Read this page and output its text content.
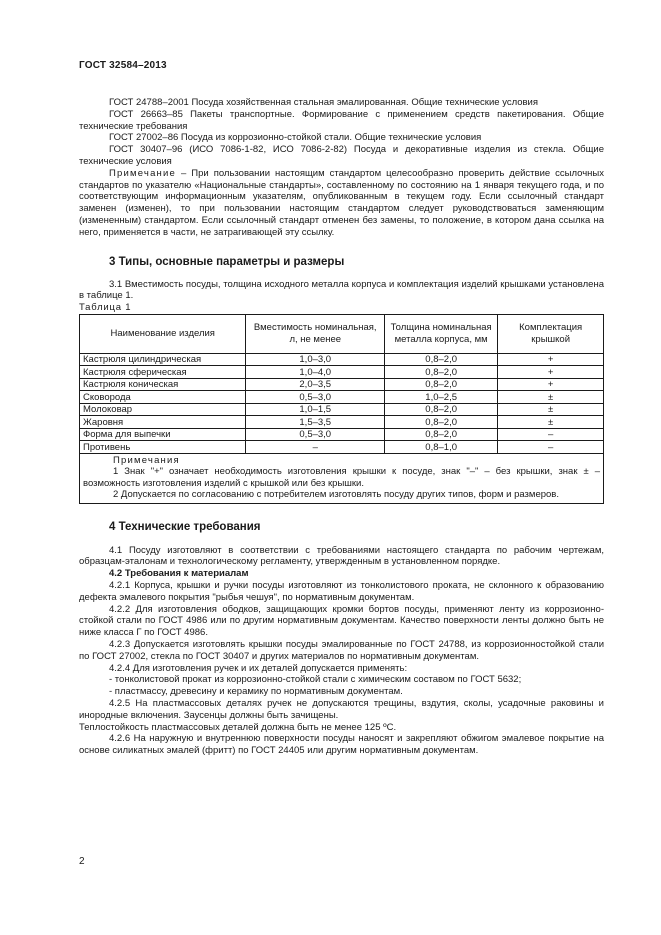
ГОСТ 32584–2013

ГОСТ 24788–2001 Посуда хозяйственная стальная эмалированная. Общие технические условия

ГОСТ 26663–85 Пакеты транспортные. Формирование с применением средств пакетирования. Общие технические требования

ГОСТ 27002–86 Посуда из коррозионно-стойкой стали. Общие технические условия

ГОСТ 30407–96 (ИСО 7086-1-82, ИСО 7086-2-82) Посуда и декоративные изделия из стекла. Общие технические условия

Примечание – При пользовании настоящим стандартом целесообразно проверить действие ссылочных стандартов по указателю «Национальные стандарты», составленному по состоянию на 1 января текущего года, и по соответствующим информационным указателям, опубликованным в текущем году. Если ссылочный стандарт заменен (изменен), то при пользовании настоящим стандартом следует руководствоваться заменяющим (измененным) стандартом. Если ссылочный стандарт отменен без замены, то положение, в котором дана ссылка на него, применяется в части, не затрагивающей эту ссылку.

3 Типы, основные параметры и размеры

3.1 Вместимость посуды, толщина исходного металла корпуса и комплектация изделий крышками установлена в таблице 1.

Таблица 1
Наименование изделия	Вместимость номинальная, л, не менее	Толщина номинальная металла корпуса, мм	Комплектация крышкой
Кастрюля цилиндрическая	1,0–3,0	0,8–2,0	+
Кастрюля сферическая	1,0–4,0	0,8–2,0	+
Кастрюля коническая	2,0–3,5	0,8–2,0	+
Сковорода	0,5–3,0	1,0–2,5	±
Молоковар	1,0–1,5	0,8–2,0	±
Жаровня	1,5–3,5	0,8–2,0	±
Форма для выпечки	0,5–3,0	0,8–2,0	–
Противень	–	0,8–1,0	–

Примечания

1 Знак "+" означает необходимость изготовления крышки к посуде, знак "–" – без крышки, знак ± – возможность изготовления изделий с крышкой или без крышки.

2 Допускается по согласованию с потребителем изготовлять посуду других типов, форм и размеров.			

4 Технические требования

4.1 Посуду изготовляют в соответствии с требованиями настоящего стандарта по рабочим чертежам, образцам-эталонам и технологическому регламенту, утвержденным в установленном порядке.

4.2 Требования к материалам

4.2.1 Корпуса, крышки и ручки посуды изготовляют из тонколистового проката, не склонного к образованию дефекта эмалевого покрытия "рыбья чешуя", по нормативным документам.

4.2.2 Для изготовления ободков, защищающих кромки бортов посуды, применяют ленту из коррозионно-стойкой стали по ГОСТ 4986 или по другим нормативным документам. Качество поверхности ленты должно быть не ниже класса Г по ГОСТ 4986.

4.2.3 Допускается изготовлять крышки посуды эмалированные по ГОСТ 24788, из коррозионностойкой стали по ГОСТ 27002, стекла по ГОСТ 30407 и других материалов по нормативным документам.

4.2.4 Для изготовления ручек и их деталей допускается применять:

- тонколистовой прокат из коррозионно-стойкой стали с химическим составом по ГОСТ 5632;

- пластмассу, древесину и керамику по нормативным документам.

4.2.5 На пластмассовых деталях ручек не допускаются трещины, вздутия, сколы, усадочные раковины и инородные включения. Заусенцы должны быть зачищены.

Теплостойкость пластмассовых деталей должна быть не менее 125 ºС.

4.2.6 На наружную и внутреннюю поверхности посуды наносят и закрепляют обжигом эмалевое покрытие на основе силикатных эмалей (фритт) по ГОСТ 24405 или другим нормативным документам.

2
